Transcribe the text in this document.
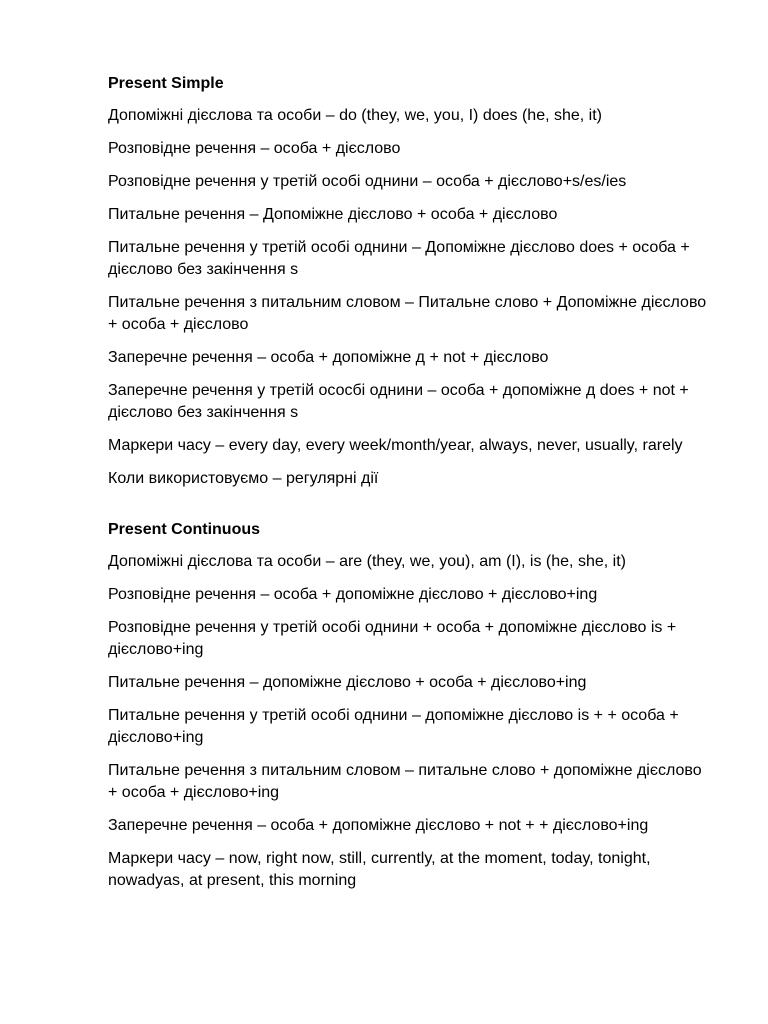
Present Simple

Допоміжні дієслова та особи – do (they, we, you, I) does (he, she, it)

Розповідне речення – особа + дієслово

Розповідне речення у третій особі однини – особа + дієслово+s/es/ies

Питальне речення – Допоміжне дієслово + особа + дієслово

Питальне речення у третій особі однини – Допоміжне дієслово does + особа + дієслово без закінчення s

Питальне речення з питальним словом – Питальне слово + Допоміжне дієслово + особа + дієслово

Заперечне речення – особа + допоміжне д + not + дієслово

Заперечне речення у третій ососбі однини – особа + допоміжне д does + not + дієслово без закінчення s

Маркери часу – every day, every week/month/year, always, never, usually, rarely

Коли використовуємо – регулярні дії

Present Continuous

Допоміжні дієслова та особи – are (they, we, you), am (I), is (he, she, it)

Розповідне речення – особа + допоміжне дієслово + дієслово+ing

Розповідне речення у третій особі однини + особа + допоміжне дієслово is + дієслово+ing

Питальне речення – допоміжне дієслово + особа + дієслово+ing

Питальне речення у третій особі однини – допоміжне дієслово is + + особа + дієслово+ing

Питальне речення з питальним словом – питальне слово + допоміжне дієслово + особа + дієслово+ing

Заперечне речення – особа + допоміжне дієслово + not + + дієслово+ing

Маркери часу – now, right now, still, currently, at the moment, today, tonight, nowadyas, at present, this morning
